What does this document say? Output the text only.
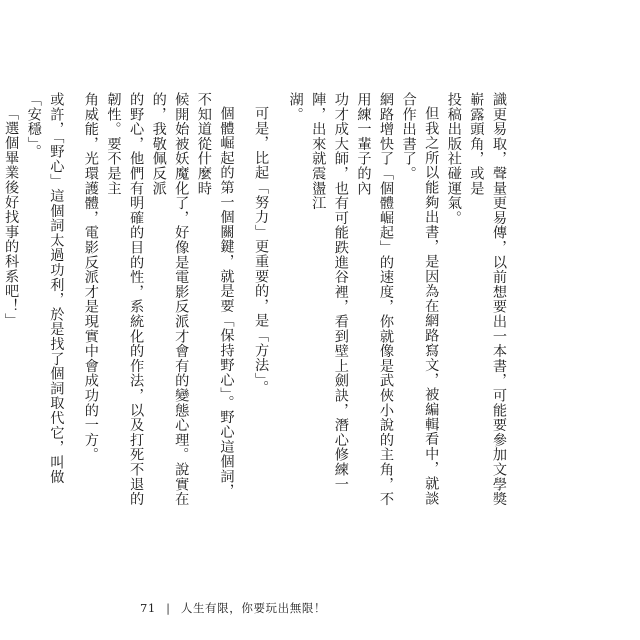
識更易取，聲量更易傳，以前想要出一本書，可能要參加文學獎嶄露頭角，或是

投稿出版社碰運氣。

但我之所以能夠出書，是因為在網路寫文，被編輯看中，就談合作出書了。

網路增快了「個體崛起」的速度，你就像是武俠小說的主角，不用練一輩子的內

功才成大師，也有可能跌進谷裡，看到壁上劍訣，潛心修練一陣，出來就震盪江

湖。

可是，比起「努力」更重要的，是「方法」。

個體崛起的第一個關鍵，就是要「保持野心」。野心這個詞，不知道從什麼時

候開始被妖魔化了，好像是電影反派才會有的變態心理。說實在的，我敬佩反派

的野心，他們有明確的目的性，系統化的作法，以及打死不退的韌性。要不是主

角威能，光環護體，電影反派才是現實中會成功的一方。

或許，「野心」這個詞太過功利，於是找了個詞取代它，叫做「安穩」。

「選個畢業後好找事的科系吧！」

71 | 人生有限，你要玩出無限！
